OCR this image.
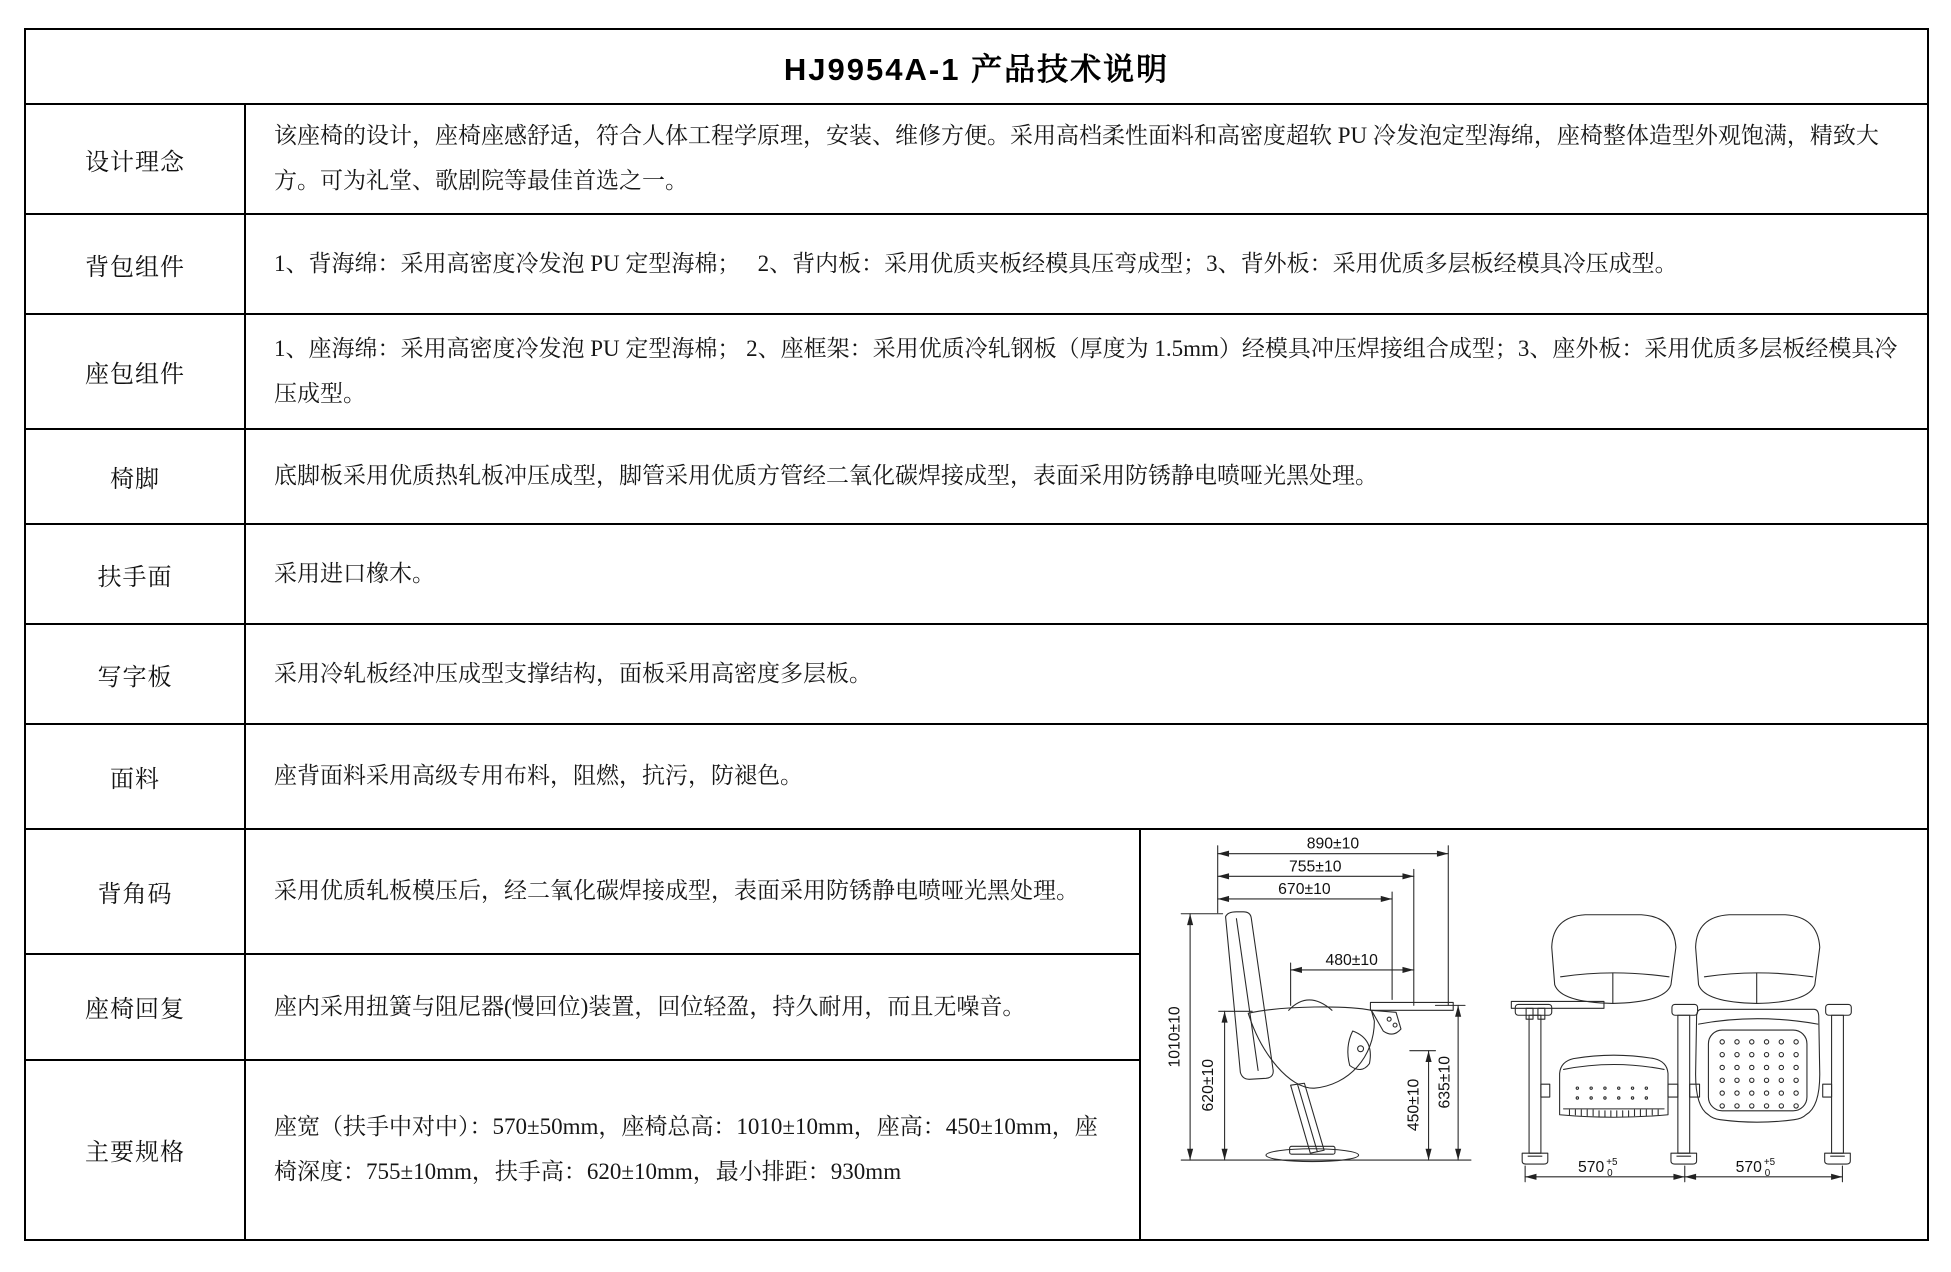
HJ9954A-1 产品技术说明		
设计理念	该座椅的设计，座椅座感舒适，符合人体工程学原理，安装、维修方便。采用高档柔性面料和高密度超软 PU 冷发泡定型海绵，座椅整体造型外观饱满，精致大方。可为礼堂、歌剧院等最佳首选之一。	
背包组件	1、背海绵：采用高密度冷发泡 PU 定型海棉；　 2、背内板：采用优质夹板经模具压弯成型；3、背外板：采用优质多层板经模具冷压成型。	
座包组件	1、座海绵：采用高密度冷发泡 PU 定型海棉； 2、座框架：采用优质冷轧钢板（厚度为 1.5mm）经模具冲压焊接组合成型；3、座外板：采用优质多层板经模具冷压成型。	
椅脚	底脚板采用优质热轧板冲压成型，脚管采用优质方管经二氧化碳焊接成型，表面采用防锈静电喷哑光黑处理。	
扶手面	采用进口橡木。	
写字板	采用冷轧板经冲压成型支撑结构，面板采用高密度多层板。	
面料	座背面料采用高级专用布料，阻燃，抗污，防褪色。	
背角码	采用优质轧板模压后，经二氧化碳焊接成型，表面采用防锈静电喷哑光黑处理。	
890±10
755±10
670±10
480±10
1010±10
620±10	450±10 635±10
570 +5
0	570 +5
0

座椅回复	座内采用扭簧与阻尼器(慢回位)装置，回位轻盈，持久耐用，而且无噪音。	
主要规格	座宽（扶手中对中）：570±50mm，座椅总高：1010±10mm，座高：450±10mm，座椅深度：755±10mm，扶手高：620±10mm，最小排距：930mm	
